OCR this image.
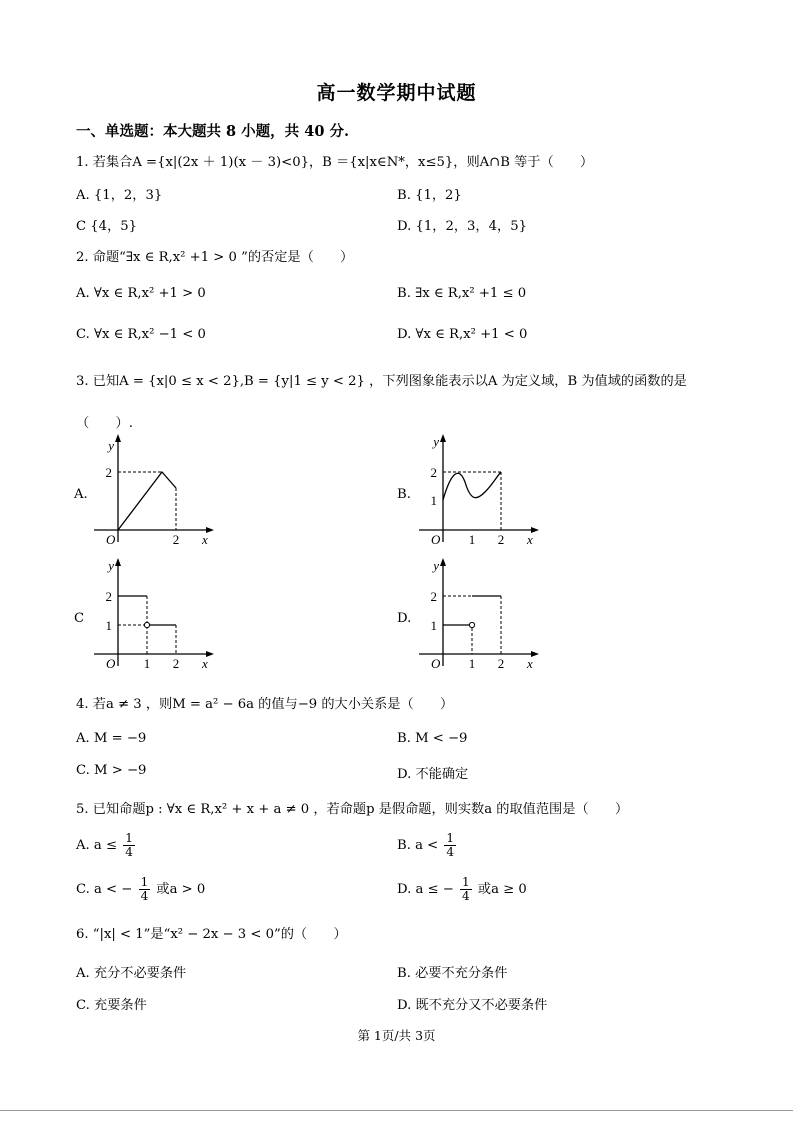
高一数学期中试题
一、单选题：本大题共 8 小题，共 40 分.
1. 若集合A ={x|(2x ＋ 1)(x － 3)<0}，B ＝{x|x∈N*，x≤5}，则A∩B 等于（　　）
A. {1，2，3}	B. {1，2}
C {4，5}	D. {1，2，3，4，5}
2. 命题“∃x ∈ R,x² +1 > 0 ”的否定是（　　）
A. ∀x ∈ R,x² +1 > 0	B. ∃x ∈ R,x² +1 ≤ 0
C. ∀x ∈ R,x² −1 < 0	D. ∀x ∈ R,x² +1 < 0
3. 已知A = {x|0 ≤ x < 2},B = {y|1 ≤ y < 2} ，下列图象能表示以A 为定义域，B 为值域的函数的是
（　　）.
A.	B.
C	D.
y
x
O
2
2
y
x
O
2
1
1 2
y
x
O
2
1
1 2
y
x
O
2
1
1 2
4. 若a ≠ 3 ，则M = a² − 6a 的值与−9 的大小关系是（　　）
A. M = −9	B. M < −9
C. M > −9	D. 不能确定
5. 已知命题p : ∀x ∈ R,x² + x + a ≠ 0 ，若命题p 是假命题，则实数a 的取值范围是（　　）
A. $a \le \frac{1}{4}$	B. $a < \frac{1}{4}$
C. a < − $\frac{1}{4}$ 或a > 0	D. a ≤ − $\frac{1}{4}$ 或a ≥ 0
6. “|x| < 1”是“x² − 2x − 3 < 0”的（　　）
A. 充分不必要条件	B. 必要不充分条件
C. 充要条件	D. 既不充分又不必要条件
第 1页/共 3页
